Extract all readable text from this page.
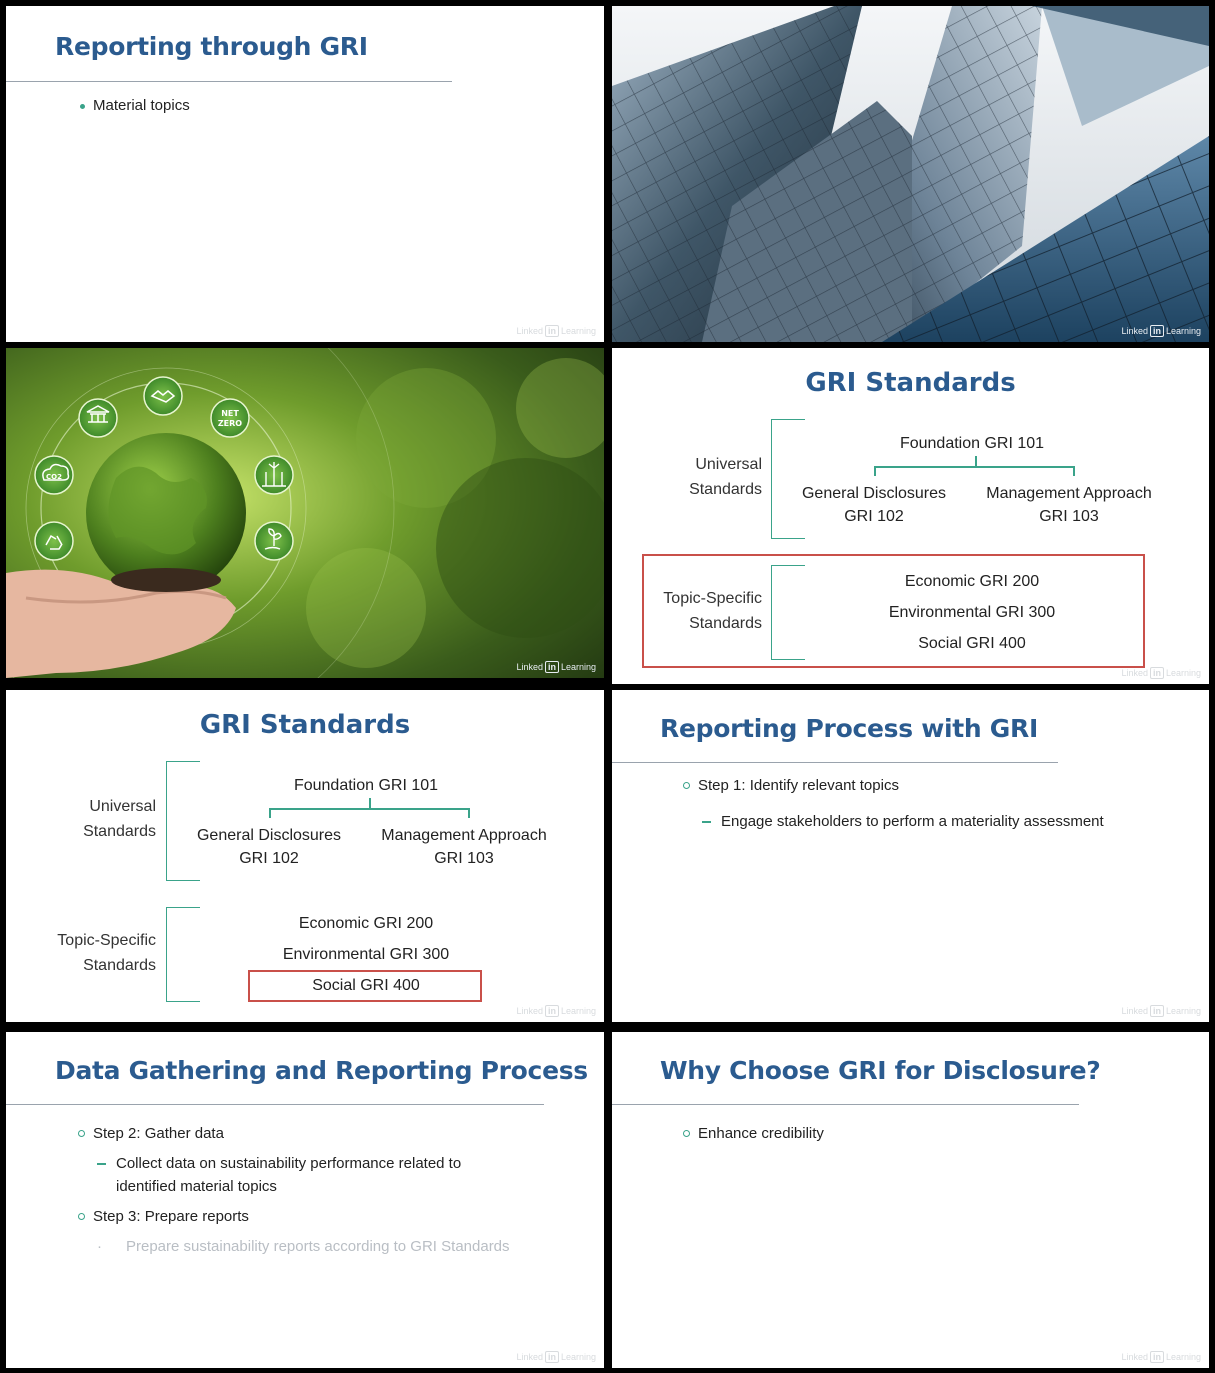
Reporting through GRI
Material topics
Linked in Learning	Linked in Learning
NET
ZERO
CO2
Linked in Learning
GRI Standards
Universal
Standards
Foundation GRI 101
General Disclosures
GRI 102
Management Approach
GRI 103
Topic-Specific
Standards
Economic GRI 200
Environmental GRI 300
Social GRI 400
Linked in Learning
GRI Standards
Universal
Standards
Foundation GRI 101
General Disclosures
GRI 102
Management Approach
GRI 103
Topic-Specific
Standards
Economic GRI 200
Environmental GRI 300
Social GRI 400
Linked in Learning
Reporting Process with GRI
Step 1: Identify relevant topics
Engage stakeholders to perform a materiality assessment
Linked in Learning
Data Gathering and Reporting Process
Step 2: Gather data
Collect data on sustainability performance related to
identified material topics
Step 3: Prepare reports
· Prepare sustainability reports according to GRI Standards
Linked in Learning
Why Choose GRI for Disclosure?
Enhance credibility
Linked in Learning
